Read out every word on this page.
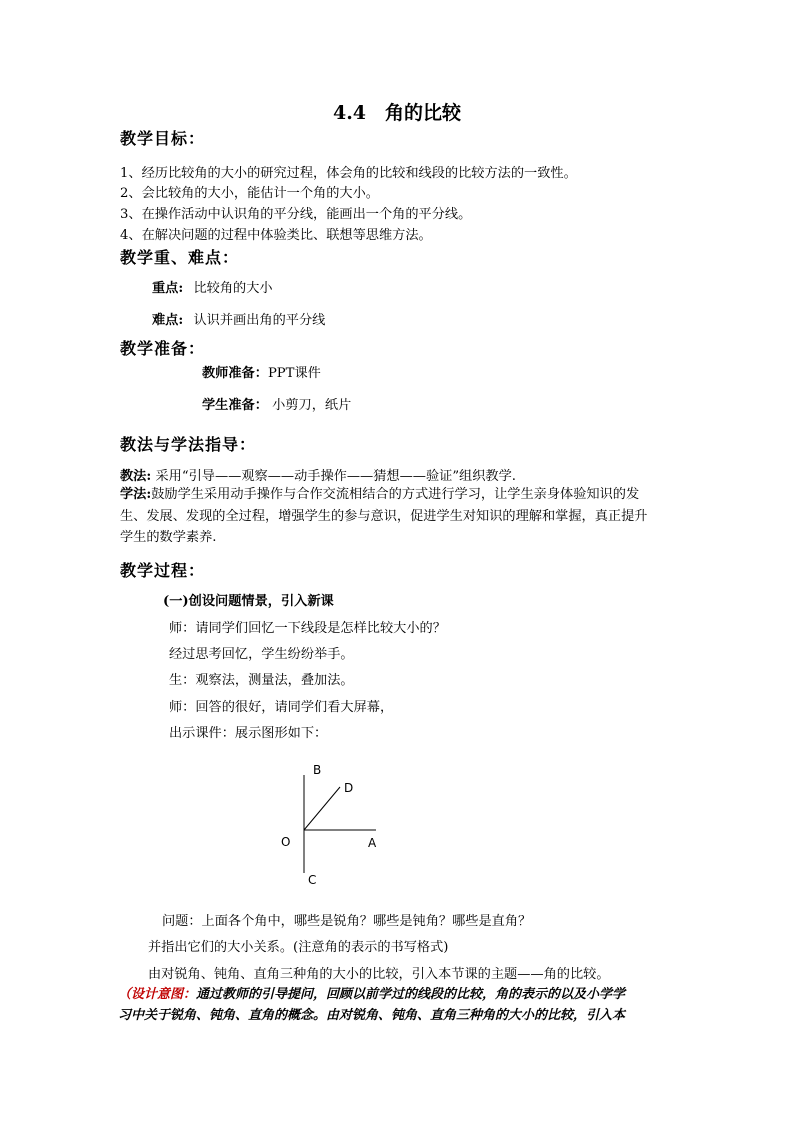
4.4　角的比较
教学目标：
1、经历比较角的大小的研究过程，体会角的比较和线段的比较方法的一致性。
2、会比较角的大小，能估计一个角的大小。
3、在操作活动中认识角的平分线，能画出一个角的平分线。
4、在解决问题的过程中体验类比、联想等思维方法。
教学重、难点：
重点: 比较角的大小
难点: 认识并画出角的平分线
教学准备：
教师准备：PPT课件
学生准备： 小剪刀，纸片
教法与学法指导：
教法: 采用“引导——观察——动手操作——猜想——验证”组织教学.
学法:鼓励学生采用动手操作与合作交流相结合的方式进行学习，让学生亲身体验知识的发
生、发展、发现的全过程，增强学生的参与意识，促进学生对知识的理解和掌握，真正提升
学生的数学素养.
教学过程：
(一)创设问题情景，引入新课
师：请同学们回忆一下线段是怎样比较大小的？
经过思考回忆，学生纷纷举手。
生：观察法，测量法，叠加法。
师：回答的很好，请同学们看大屏幕，
出示课件：展示图形如下：
B
D
O	A
C
问题：上面各个角中，哪些是锐角？哪些是钝角？哪些是直角？
并指出它们的大小关系。(注意角的表示的书写格式)
由对锐角、钝角、直角三种角的大小的比较，引入本节课的主题——角的比较。
（设计意图：通过教师的引导提问，回顾以前学过的线段的比较，角的表示的以及小学学
习中关于锐角、钝角、直角的概念。由对锐角、钝角、直角三种角的大小的比较，引入本
